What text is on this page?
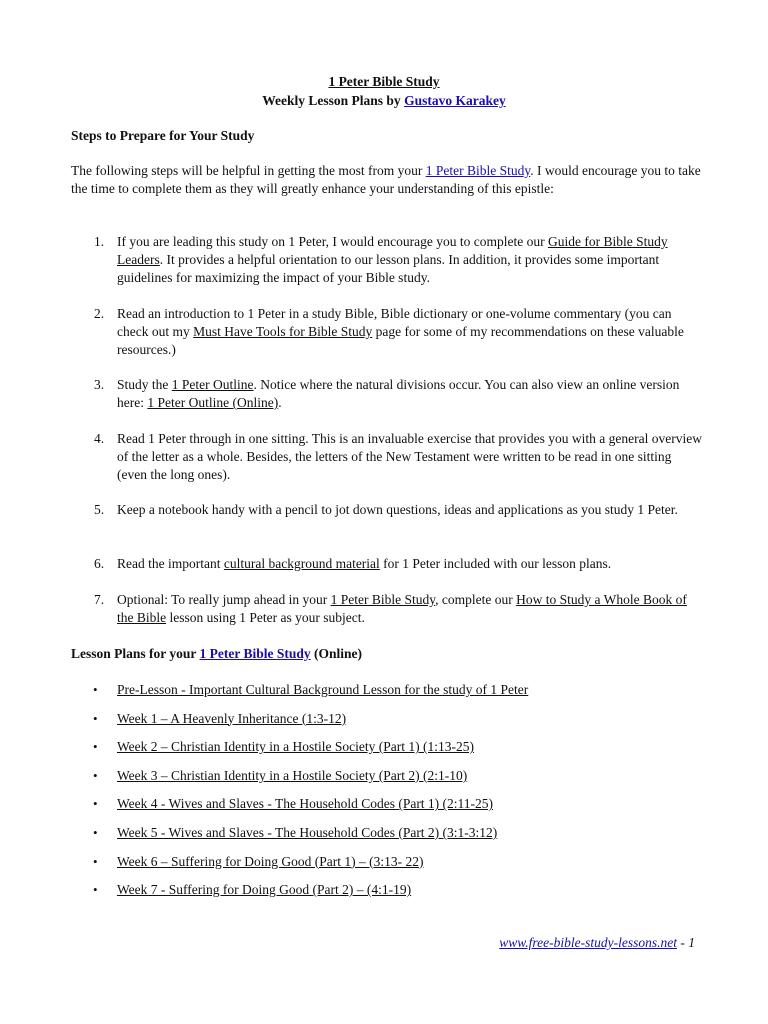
1 Peter Bible Study

Weekly Lesson Plans by Gustavo Karakey

Steps to Prepare for Your Study

The following steps will be helpful in getting the most from your 1 Peter Bible Study. I would encourage you to take the time to complete them as they will greatly enhance your understanding of this epistle:

1. If you are leading this study on 1 Peter, I would encourage you to complete our Guide for Bible Study Leaders. It provides a helpful orientation to our lesson plans. In addition, it provides some important guidelines for maximizing the impact of your Bible study.

2. Read an introduction to 1 Peter in a study Bible, Bible dictionary or one-volume commentary (you can check out my Must Have Tools for Bible Study page for some of my recommendations on these valuable resources.)

3. Study the 1 Peter Outline. Notice where the natural divisions occur. You can also view an online version here: 1 Peter Outline (Online).

4. Read 1 Peter through in one sitting. This is an invaluable exercise that provides you with a general overview of the letter as a whole. Besides, the letters of the New Testament were written to be read in one sitting (even the long ones).

5. Keep a notebook handy with a pencil to jot down questions, ideas and applications as you study 1 Peter.

6. Read the important cultural background material for 1 Peter included with our lesson plans.

7. Optional: To really jump ahead in your 1 Peter Bible Study, complete our How to Study a Whole Book of the Bible lesson using 1 Peter as your subject.

Lesson Plans for your 1 Peter Bible Study (Online)

• Pre-Lesson - Important Cultural Background Lesson for the study of 1 Peter
• Week 1 – A Heavenly Inheritance (1:3-12)
• Week 2 – Christian Identity in a Hostile Society (Part 1) (1:13-25)
• Week 3 – Christian Identity in a Hostile Society (Part 2) (2:1-10)
• Week 4 - Wives and Slaves - The Household Codes (Part 1) (2:11-25)
• Week 5 - Wives and Slaves - The Household Codes (Part 2) (3:1-3:12)
• Week 6 – Suffering for Doing Good (Part 1) – (3:13- 22)
• Week 7 - Suffering for Doing Good (Part 2) – (4:1-19)
www.free-bible-study-lessons.net - 1
